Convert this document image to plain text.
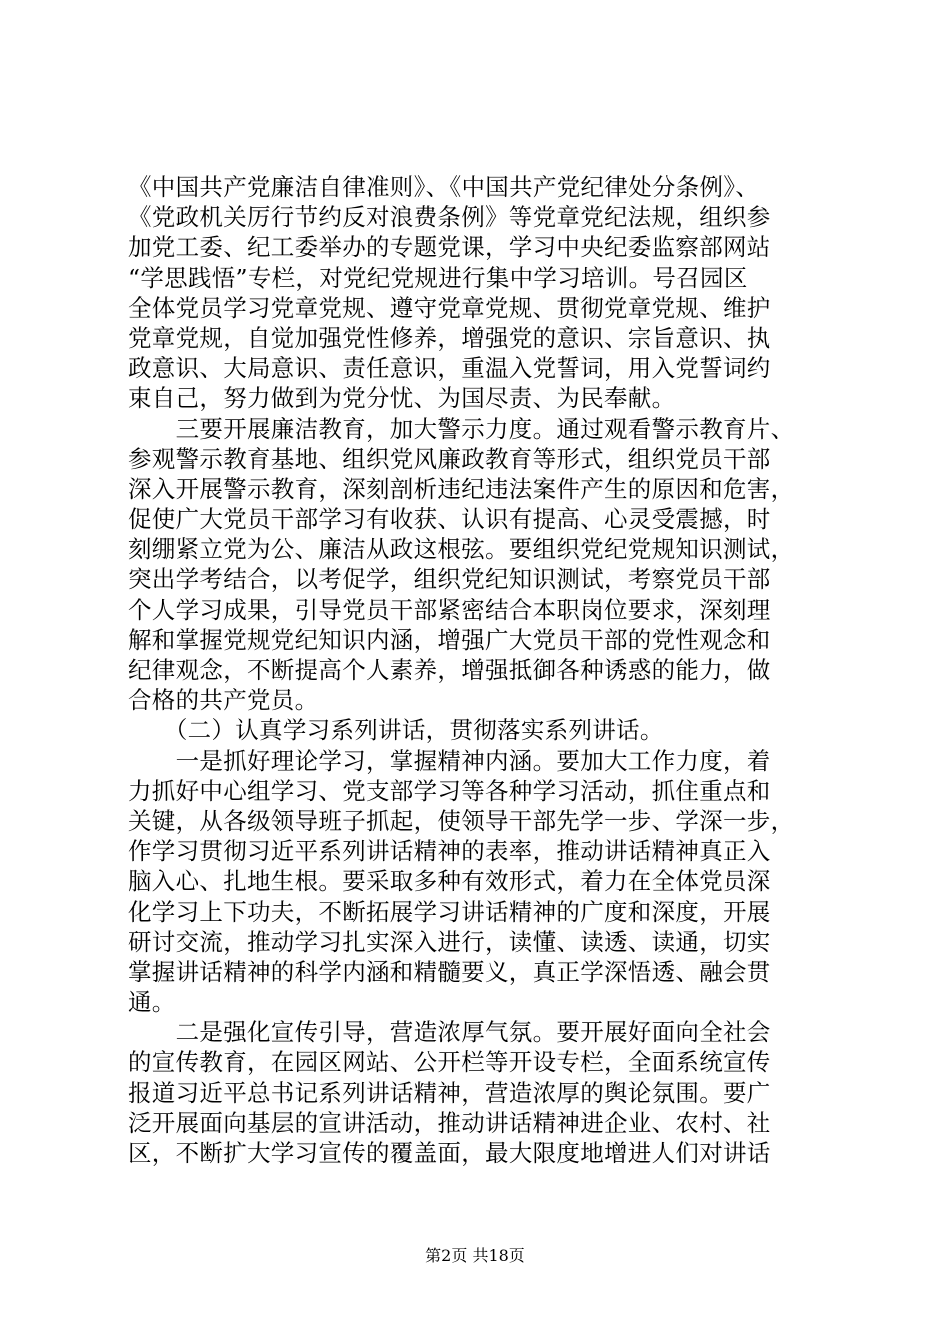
《中国共产党廉洁自律准则》、《中国共产党纪律处分条例》、
《党政机关厉行节约反对浪费条例》等党章党纪法规，组织参
加党工委、纪工委举办的专题党课，学习中央纪委监察部网站
“学思践悟”专栏，对党纪党规进行集中学习培训。号召园区
全体党员学习党章党规、遵守党章党规、贯彻党章党规、维护
党章党规，自觉加强党性修养，增强党的意识、宗旨意识、执
政意识、大局意识、责任意识，重温入党誓词，用入党誓词约
束自己，努力做到为党分忧、为国尽责、为民奉献。
　　三要开展廉洁教育，加大警示力度。通过观看警示教育片、
参观警示教育基地、组织党风廉政教育等形式，组织党员干部
深入开展警示教育，深刻剖析违纪违法案件产生的原因和危害，
促使广大党员干部学习有收获、认识有提高、心灵受震撼，时
刻绷紧立党为公、廉洁从政这根弦。要组织党纪党规知识测试，
突出学考结合，以考促学，组织党纪知识测试，考察党员干部
个人学习成果，引导党员干部紧密结合本职岗位要求，深刻理
解和掌握党规党纪知识内涵，增强广大党员干部的党性观念和
纪律观念，不断提高个人素养，增强抵御各种诱惑的能力，做
合格的共产党员。
　　（二）认真学习系列讲话，贯彻落实系列讲话。
　　一是抓好理论学习，掌握精神内涵。要加大工作力度，着
力抓好中心组学习、党支部学习等各种学习活动，抓住重点和
关键，从各级领导班子抓起，使领导干部先学一步、学深一步，
作学习贯彻习近平系列讲话精神的表率，推动讲话精神真正入
脑入心、扎地生根。要采取多种有效形式，着力在全体党员深
化学习上下功夫，不断拓展学习讲话精神的广度和深度，开展
研讨交流，推动学习扎实深入进行，读懂、读透、读通，切实
掌握讲话精神的科学内涵和精髓要义，真正学深悟透、融会贯
通。
　　二是强化宣传引导，营造浓厚气氛。要开展好面向全社会
的宣传教育，在园区网站、公开栏等开设专栏，全面系统宣传
报道习近平总书记系列讲话精神，营造浓厚的舆论氛围。要广
泛开展面向基层的宣讲活动，推动讲话精神进企业、农村、社
区，不断扩大学习宣传的覆盖面，最大限度地增进人们对讲话
第2页 共18页
